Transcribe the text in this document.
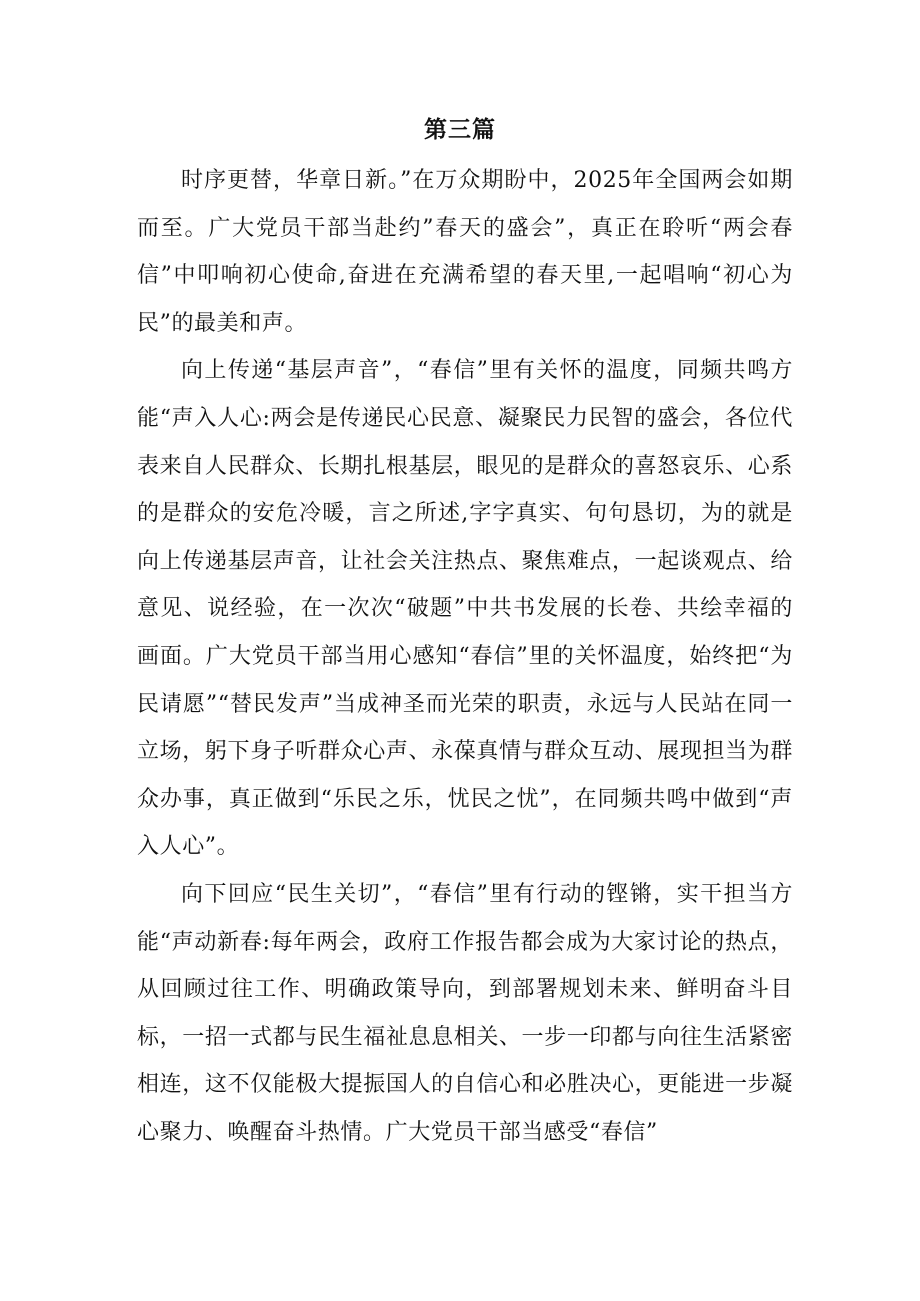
第三篇

时序更替，华章日新。”在万众期盼中，2025年全国两会如期而至。广大党员干部当赴约”春天的盛会”，真正在聆听“两会春信”中叩响初心使命,奋进在充满希望的春天里,一起唱响“初心为民”的最美和声。

向上传递“基层声音”，“春信”里有关怀的温度，同频共鸣方能“声入人心:两会是传递民心民意、凝聚民力民智的盛会，各位代表来自人民群众、长期扎根基层，眼见的是群众的喜怒哀乐、心系的是群众的安危冷暖，言之所述,字字真实、句句恳切，为的就是向上传递基层声音，让社会关注热点、聚焦难点，一起谈观点、给意见、说经验，在一次次“破题”中共书发展的长卷、共绘幸福的画面。广大党员干部当用心感知“春信”里的关怀温度，始终把“为民请愿”“替民发声”当成神圣而光荣的职责，永远与人民站在同一立场，躬下身子听群众心声、永葆真情与群众互动、展现担当为群众办事，真正做到“乐民之乐，忧民之忧”，在同频共鸣中做到“声入人心”。

向下回应“民生关切”，“春信”里有行动的铿锵，实干担当方能“声动新春:每年两会，政府工作报告都会成为大家讨论的热点，从回顾过往工作、明确政策导向，到部署规划未来、鲜明奋斗目标，一招一式都与民生福祉息息相关、一步一印都与向往生活紧密相连，这不仅能极大提振国人的自信心和必胜决心，更能进一步凝心聚力、唤醒奋斗热情。广大党员干部当感受“春信”
